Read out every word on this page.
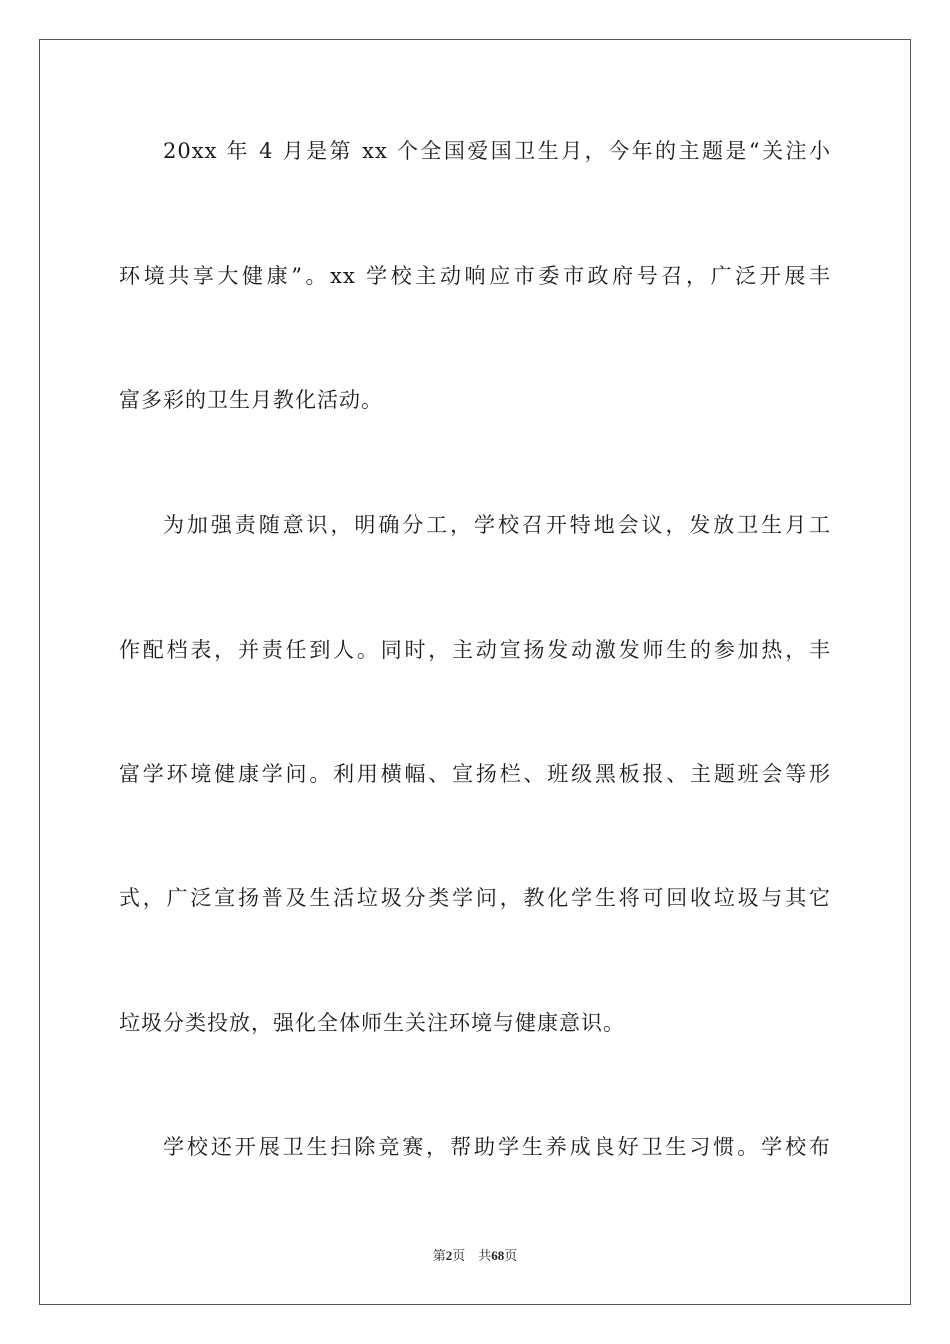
20xx 年 4 月是第 xx 个全国爱国卫生月，今年的主题是“关注小
环境共享大健康”。xx 学校主动响应市委市政府号召，广泛开展丰
富多彩的卫生月教化活动。
为加强责随意识，明确分工，学校召开特地会议，发放卫生月工
作配档表，并责任到人。同时，主动宣扬发动激发师生的参加热，丰
富学环境健康学问。利用横幅、宣扬栏、班级黑板报、主题班会等形
式，广泛宣扬普及生活垃圾分类学问，教化学生将可回收垃圾与其它
垃圾分类投放，强化全体师生关注环境与健康意识。
学校还开展卫生扫除竞赛，帮助学生养成良好卫生习惯。学校布
第2页　共68页
